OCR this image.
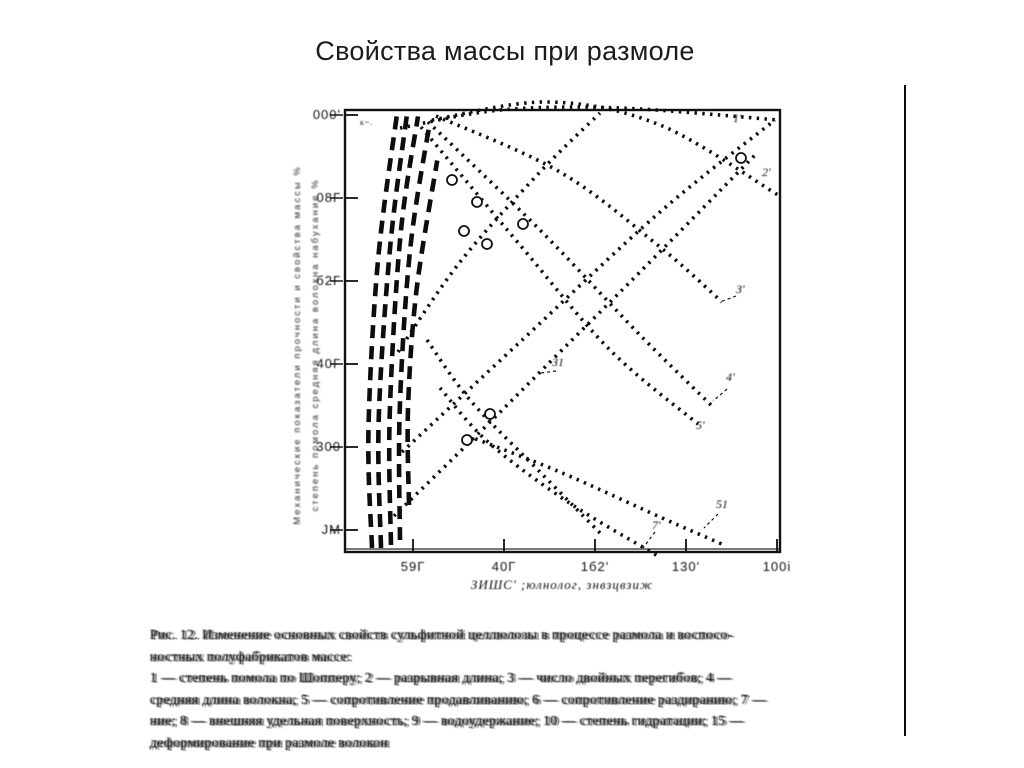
Свойства массы при размоле
000'
08Г
б2Г
40Г
300
ЈМ
59Г	40Г	1б2'	130'	100i
ЗИШС' ;юлнолог, знвзцвзиж
Механические показатели прочности и свойства массы % степень помола средняя длина волокна набухание %
к~.	1'
2'
З'
4'
5'
З1
51
7'
Рис. 12. Изменение основных свойств сульфитной целлюлозы в процессе размола и воспосо-
ностных полуфабрикатов массе:
1 — степень помола по Шопперу; 2 — разрывная длина; 3 — число двойных перегибов; 4 —
средняя длина волокна; 5 — сопротивление продавливанию; 6 — сопротивление раздиранию; 7 —
ние; 8 — внешняя удельная поверхность; 9 — водоудержание; 10 — степень гидратации; 15 —
деформирование при размоле волокон
